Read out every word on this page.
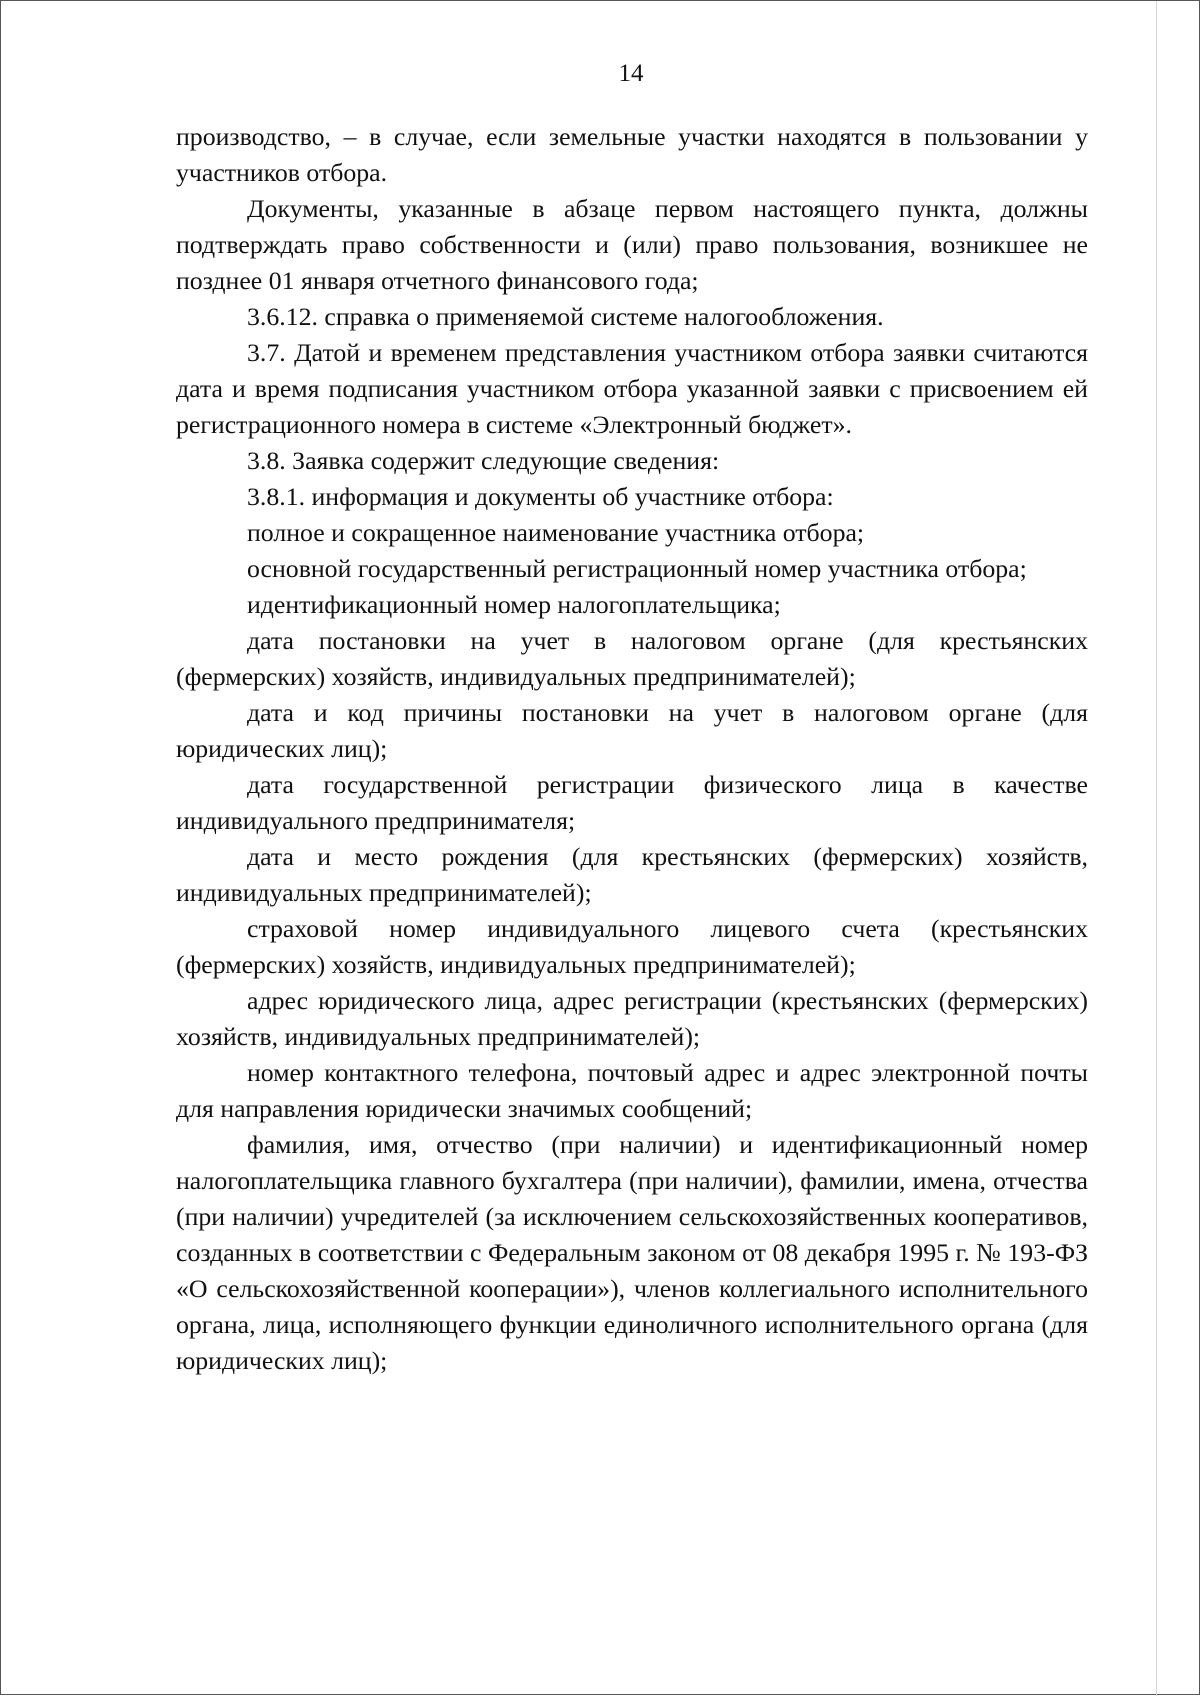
14

производство, – в случае, если земельные участки находятся в пользовании у участников отбора.

Документы, указанные в абзаце первом настоящего пункта, должны подтверждать право собственности и (или) право пользования, возникшее не позднее 01 января отчетного финансового года;

3.6.12. справка о применяемой системе налогообложения.

3.7. Датой и временем представления участником отбора заявки считаются дата и время подписания участником отбора указанной заявки с присвоением ей регистрационного номера в системе «Электронный бюджет».

3.8. Заявка содержит следующие сведения:

3.8.1. информация и документы об участнике отбора:

полное и сокращенное наименование участника отбора;

основной государственный регистрационный номер участника отбора;

идентификационный номер налогоплательщика;

дата постановки на учет в налоговом органе (для крестьянских (фермерских) хозяйств, индивидуальных предпринимателей);

дата и код причины постановки на учет в налоговом органе (для юридических лиц);

дата государственной регистрации физического лица в качестве индивидуального предпринимателя;

дата и место рождения (для крестьянских (фермерских) хозяйств, индивидуальных предпринимателей);

страховой номер индивидуального лицевого счета (крестьянских (фермерских) хозяйств, индивидуальных предпринимателей);

адрес юридического лица, адрес регистрации (крестьянских (фермерских) хозяйств, индивидуальных предпринимателей);

номер контактного телефона, почтовый адрес и адрес электронной почты для направления юридически значимых сообщений;

фамилия, имя, отчество (при наличии) и идентификационный номер налогоплательщика главного бухгалтера (при наличии), фамилии, имена, отчества (при наличии) учредителей (за исключением сельскохозяйственных кооперативов, созданных в соответствии с Федеральным законом от 08 декабря 1995 г. № 193-ФЗ «О сельскохозяйственной кооперации»), членов коллегиального исполнительного органа, лица, исполняющего функции единоличного исполнительного органа (для юридических лиц);
